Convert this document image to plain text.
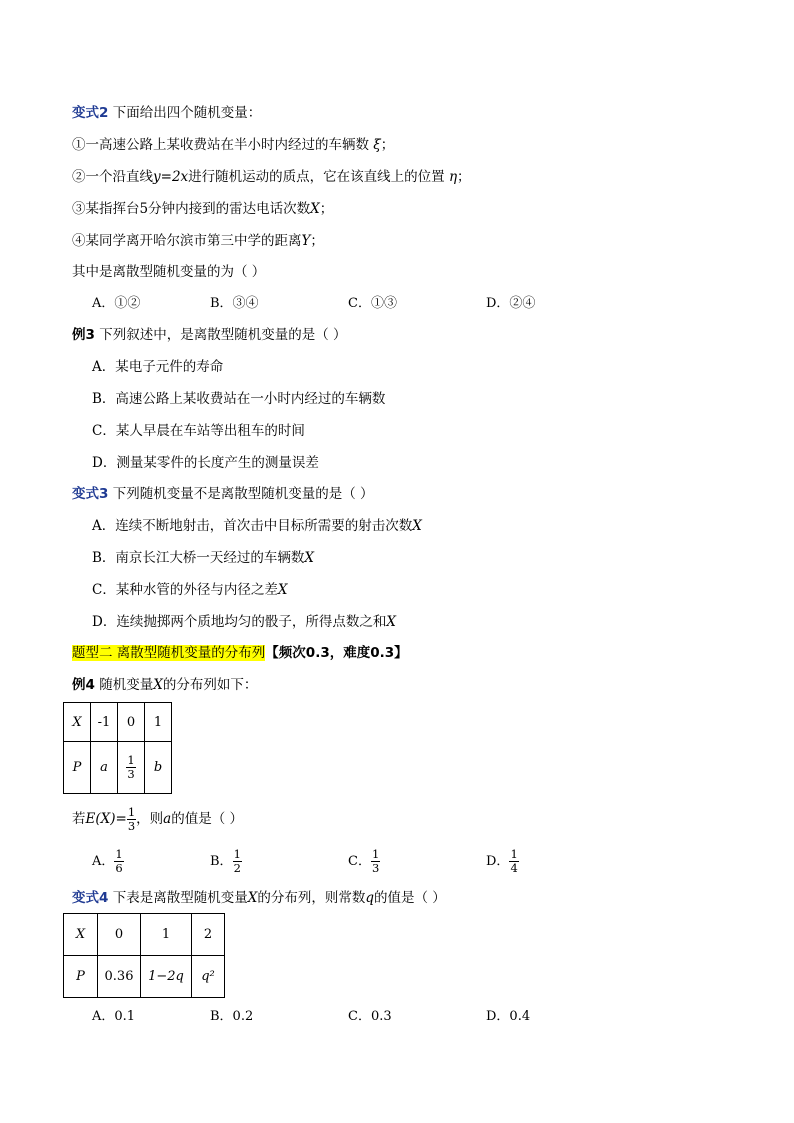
变式2 下面给出四个随机变量：
①一高速公路上某收费站在半小时内经过的车辆数 ξ；
②一个沿直线y=2x进行随机运动的质点，它在该直线上的位置 η；
③某指挥台5分钟内接到的雷达电话次数X；
④某同学离开哈尔滨市第三中学的距离Y；
其中是离散型随机变量的为（ ）
A．①②	B．③④	C．①③	D．②④
例3 下列叙述中，是离散型随机变量的是（ ）
A．某电子元件的寿命
B．高速公路上某收费站在一小时内经过的车辆数
C．某人早晨在车站等出租车的时间
D．测量某零件的长度产生的测量误差
变式3 下列随机变量不是离散型随机变量的是（ ）
A．连续不断地射击，首次击中目标所需要的射击次数X
B．南京长江大桥一天经过的车辆数X
C．某种水管的外径与内径之差X
D．连续抛掷两个质地均匀的骰子，所得点数之和X
题型二 离散型随机变量的分布列【频次0.3，难度0.3】
例4 随机变量X的分布列如下：
X	-1	0	1
P	a	$\frac{1}{3}$	b
若$E(X)= \frac{1}{3}$ ，则a的值是（ ）
A． $\frac{1}{6}$	B． $\frac{1}{2}$	C． $\frac{1}{3}$	D． $\frac{1}{4}$
变式4 下表是离散型随机变量X的分布列，则常数q的值是（ ）
X	0	1	2
P	0.36	1−2q	q²
A．0.1	B．0.2	C．0.3	D．0.4
